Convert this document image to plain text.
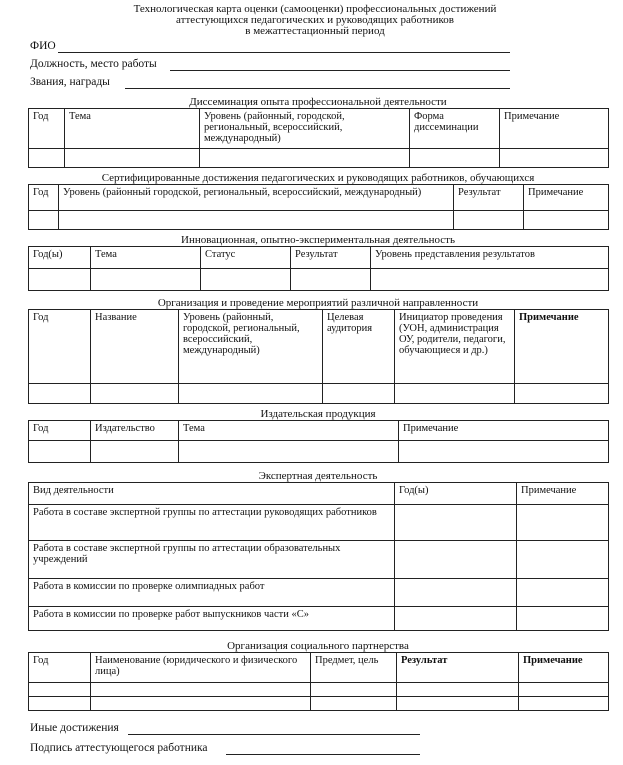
Технологическая карта оценки (самооценки) профессиональных достижений
аттестующихся педагогических и руководящих работников
в межаттестационный период
ФИО
Должность, место работы
Звания, награды
Диссеминация опыта профессиональной деятельности
Год	Тема	Уровень (районный, городской, региональный, всероссийский, международный)	Форма диссеминации	Примечание

Сертифицированные достижения педагогических и руководящих работников, обучающихся
Год	Уровень (районный городской, региональный, всероссийский, международный)	Результат	Примечание

Инновационная, опытно-экспериментальная деятельность
Год(ы)	Тема	Статус	Результат	Уровень представления результатов

Организация и проведение мероприятий различной направленности
Год	Название	Уровень (районный, городской, региональный, всероссийский, международный)	Целевая аудитория	Инициатор проведения (УОН, администрация ОУ, родители, педагоги, обучающиеся и др.)	Примечание

Издательская продукция
Год	Издательство	Тема	Примечание

Экспертная деятельность
Вид деятельности	Год(ы)	Примечание
Работа в составе экспертной группы по аттестации руководящих работников		
Работа в составе экспертной группы по аттестации образовательных учреждений		
Работа в комиссии по проверке олимпиадных работ		
Работа в комиссии по проверке работ выпускников части «С»		
Организация социального партнерства
Год	Наименование (юридического и физического лица)	Предмет, цель	Результат	Примечание

Иные достижения
Подпись аттестующегося работника
